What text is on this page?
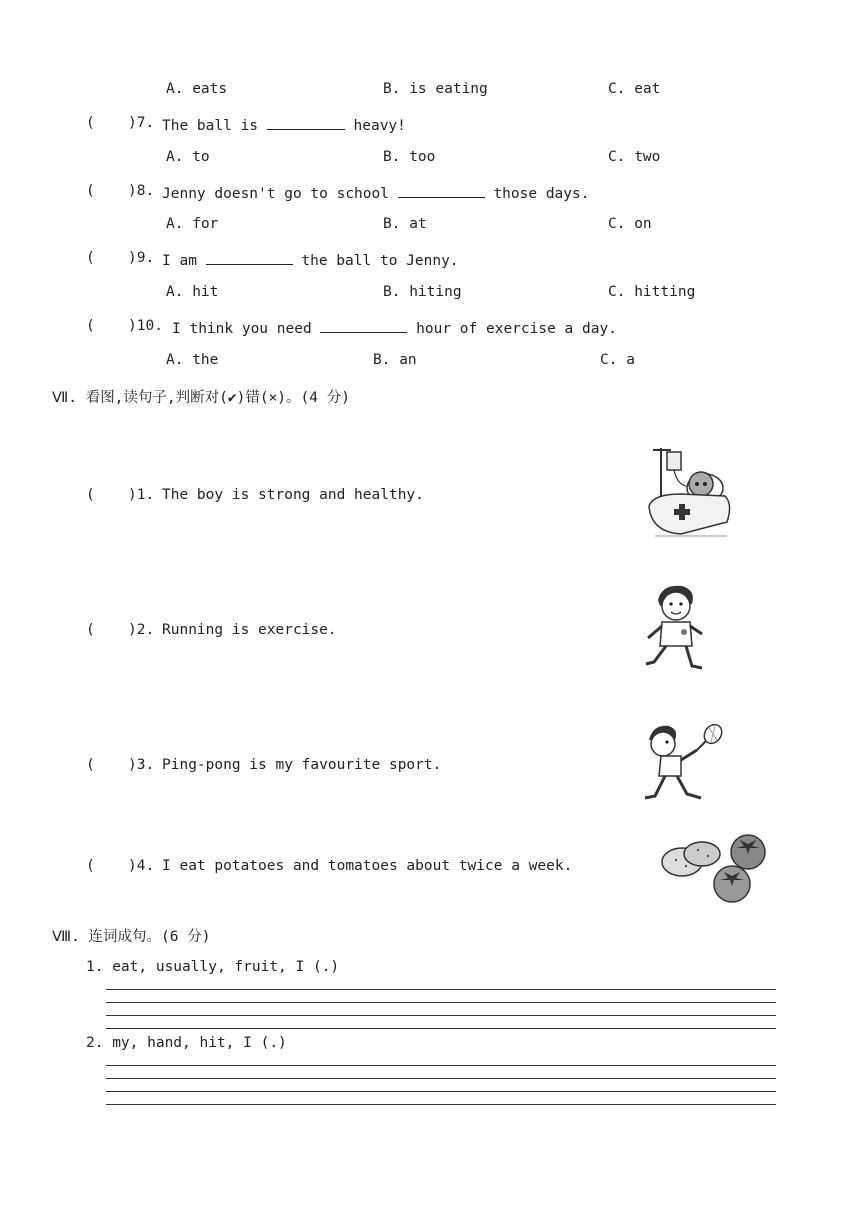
A. eats	B. is eating	C. eat
( )7. The ball is	heavy!
A. to	B. too	C. two
( )8. Jenny doesn't go to school	those days.
A. for	B. at	C. on
( )9. I am	the ball to Jenny.
A. hit	B. hiting	C. hitting
( )10. I think you need	hour of exercise a day.
A. the	B. an	C. a
Ⅶ. 看图,读句子,判断对(✔)错(×)。(4 分)
( )1. The boy is strong and healthy.
( )2. Running is exercise.
( )3. Ping-pong is my favourite sport.
( )4. I eat potatoes and tomatoes about twice a week.
Ⅷ. 连词成句。(6 分)
1. eat, usually, fruit, I (.)
2. my, hand, hit, I (.)
